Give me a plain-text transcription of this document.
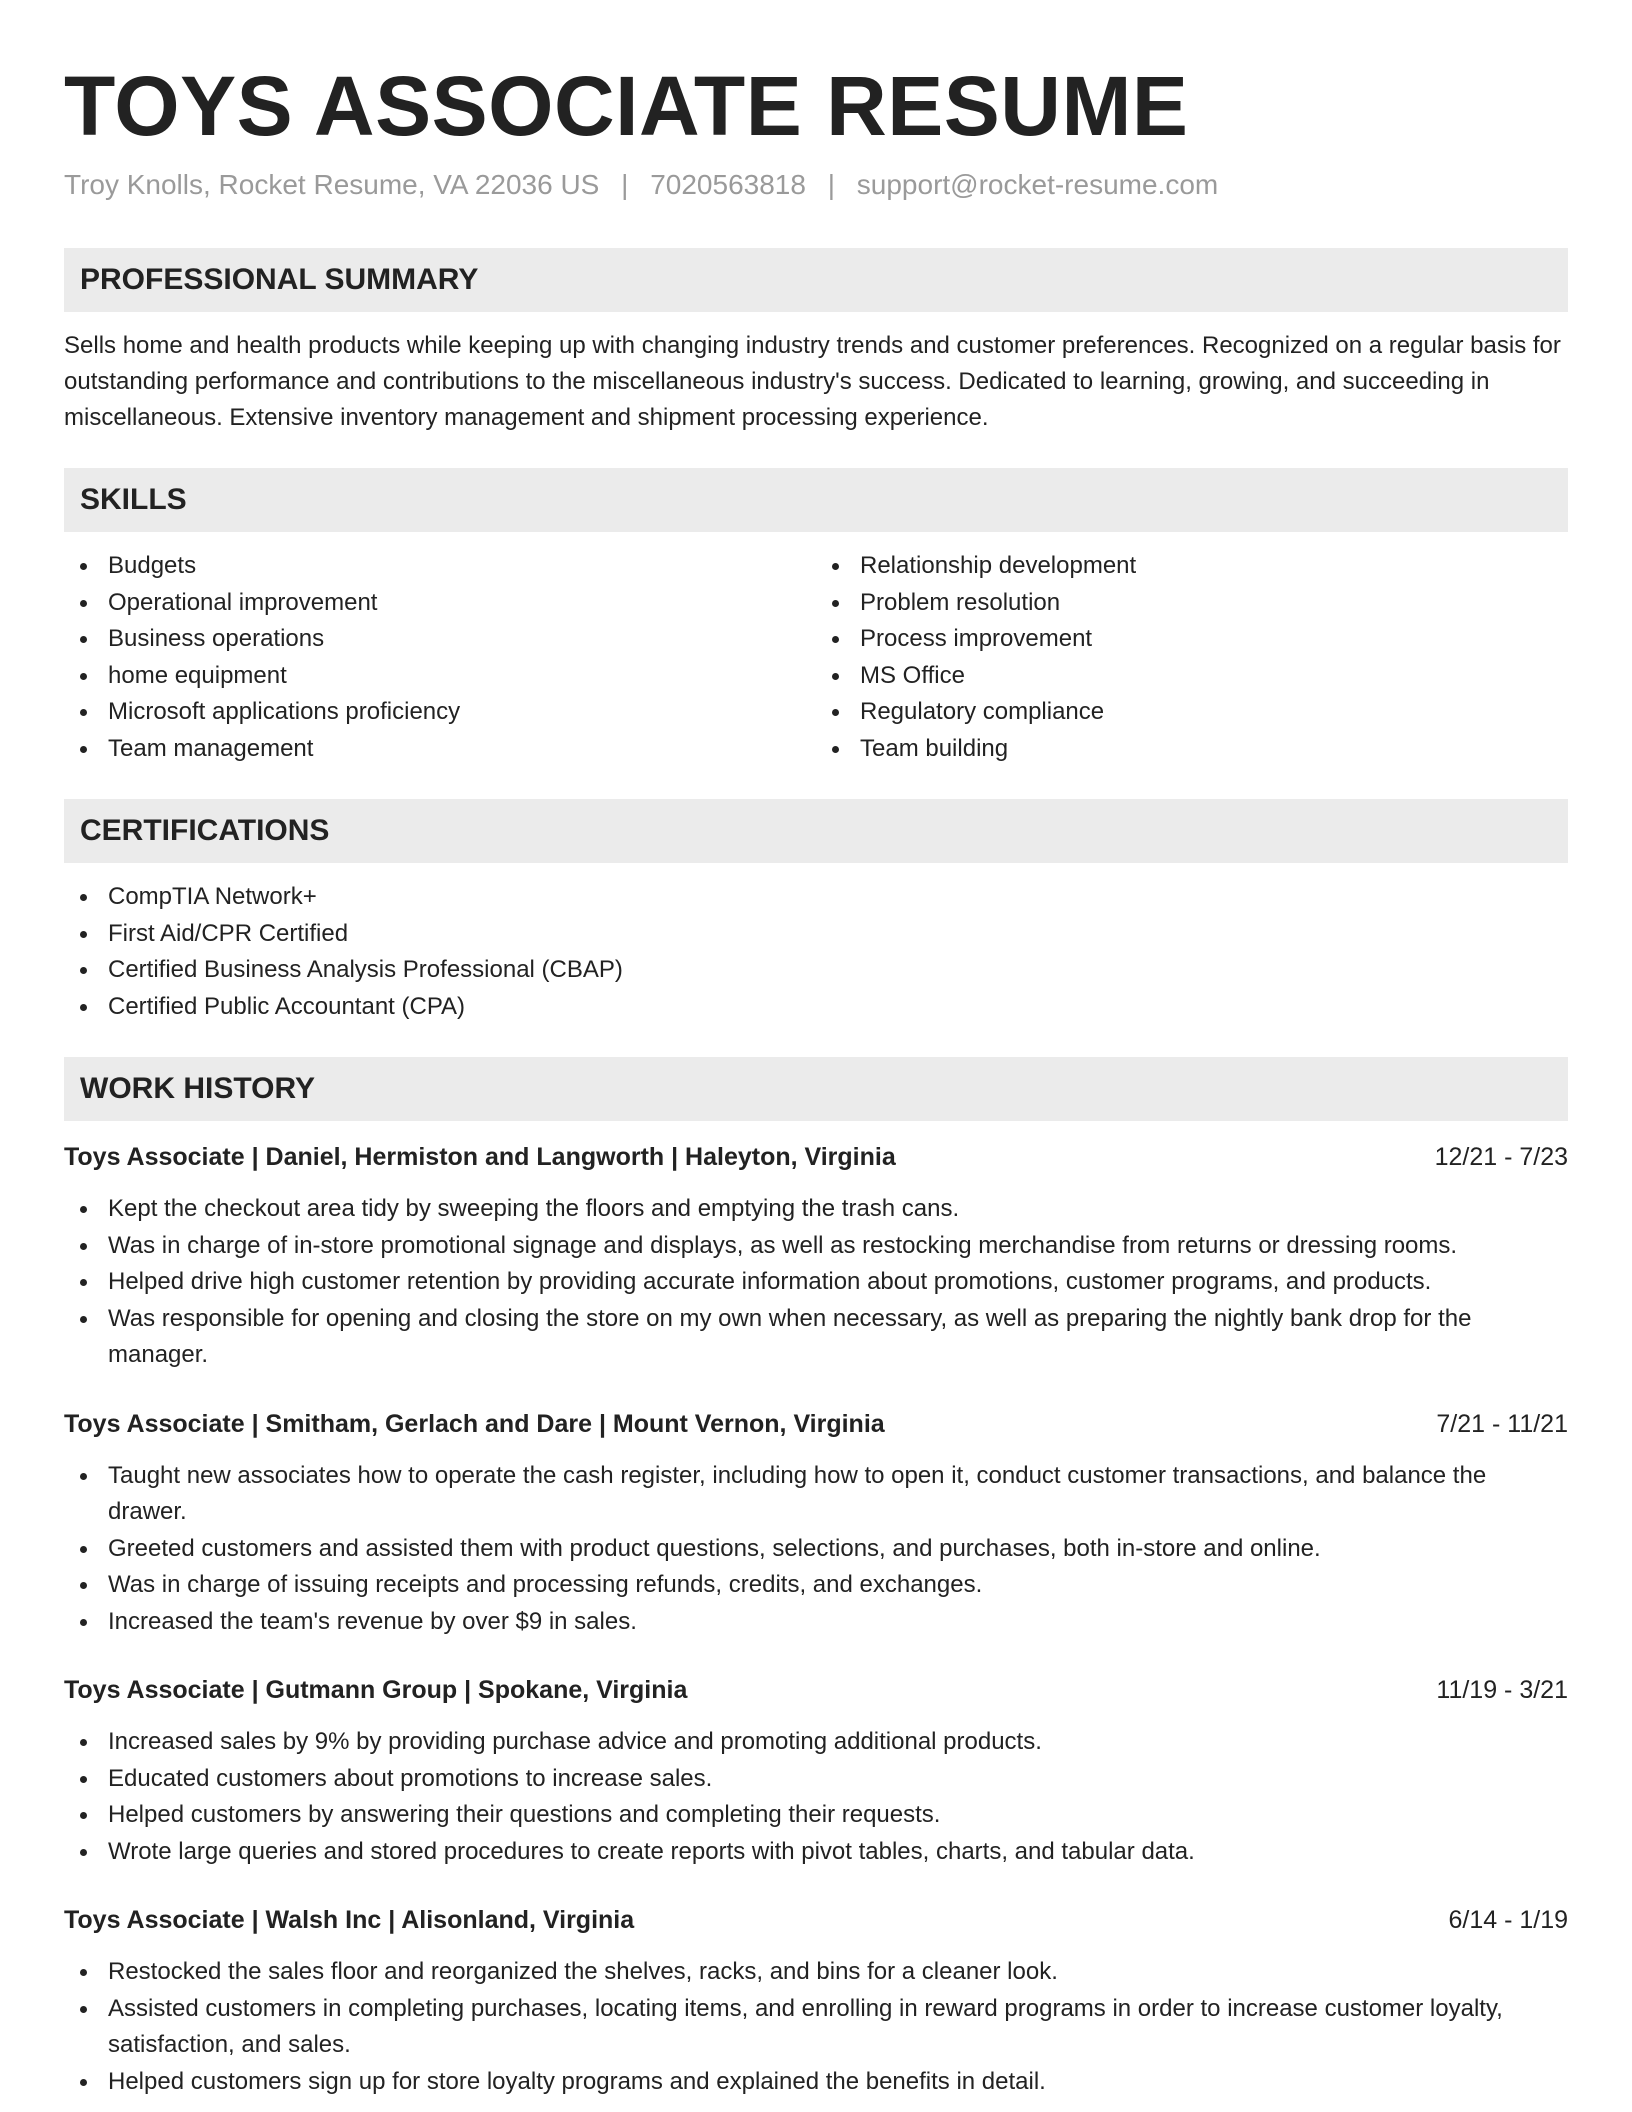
TOYS ASSOCIATE RESUME
Troy Knolls, Rocket Resume, VA 22036 US | 7020563818 | support@rocket-resume.com
PROFESSIONAL SUMMARY

Sells home and health products while keeping up with changing industry trends and customer preferences. Recognized on a regular basis for outstanding performance and contributions to the miscellaneous industry's success. Dedicated to learning, growing, and succeeding in miscellaneous. Extensive inventory management and shipment processing experience.

SKILLS
Budgets
Operational improvement
Business operations
home equipment
Microsoft applications proficiency
Team management
Relationship development
Problem resolution
Process improvement
MS Office
Regulatory compliance
Team building
CERTIFICATIONS
CompTIA Network+
First Aid/CPR Certified
Certified Business Analysis Professional (CBAP)
Certified Public Accountant (CPA)
WORK HISTORY
Toys Associate | Daniel, Hermiston and Langworth | Haleyton, Virginia	12/21 - 7/23
Kept the checkout area tidy by sweeping the floors and emptying the trash cans.
Was in charge of in-store promotional signage and displays, as well as restocking merchandise from returns or dressing rooms.
Helped drive high customer retention by providing accurate information about promotions, customer programs, and products.
Was responsible for opening and closing the store on my own when necessary, as well as preparing the nightly bank drop for the manager.
Toys Associate | Smitham, Gerlach and Dare | Mount Vernon, Virginia	7/21 - 11/21
Taught new associates how to operate the cash register, including how to open it, conduct customer transactions, and balance the drawer.
Greeted customers and assisted them with product questions, selections, and purchases, both in-store and online.
Was in charge of issuing receipts and processing refunds, credits, and exchanges.
Increased the team's revenue by over $9 in sales.
Toys Associate | Gutmann Group | Spokane, Virginia	11/19 - 3/21
Increased sales by 9% by providing purchase advice and promoting additional products.
Educated customers about promotions to increase sales.
Helped customers by answering their questions and completing their requests.
Wrote large queries and stored procedures to create reports with pivot tables, charts, and tabular data.
Toys Associate | Walsh Inc | Alisonland, Virginia	6/14 - 1/19
Restocked the sales floor and reorganized the shelves, racks, and bins for a cleaner look.
Assisted customers in completing purchases, locating items, and enrolling in reward programs in order to increase customer loyalty, satisfaction, and sales.
Helped customers sign up for store loyalty programs and explained the benefits in detail.
